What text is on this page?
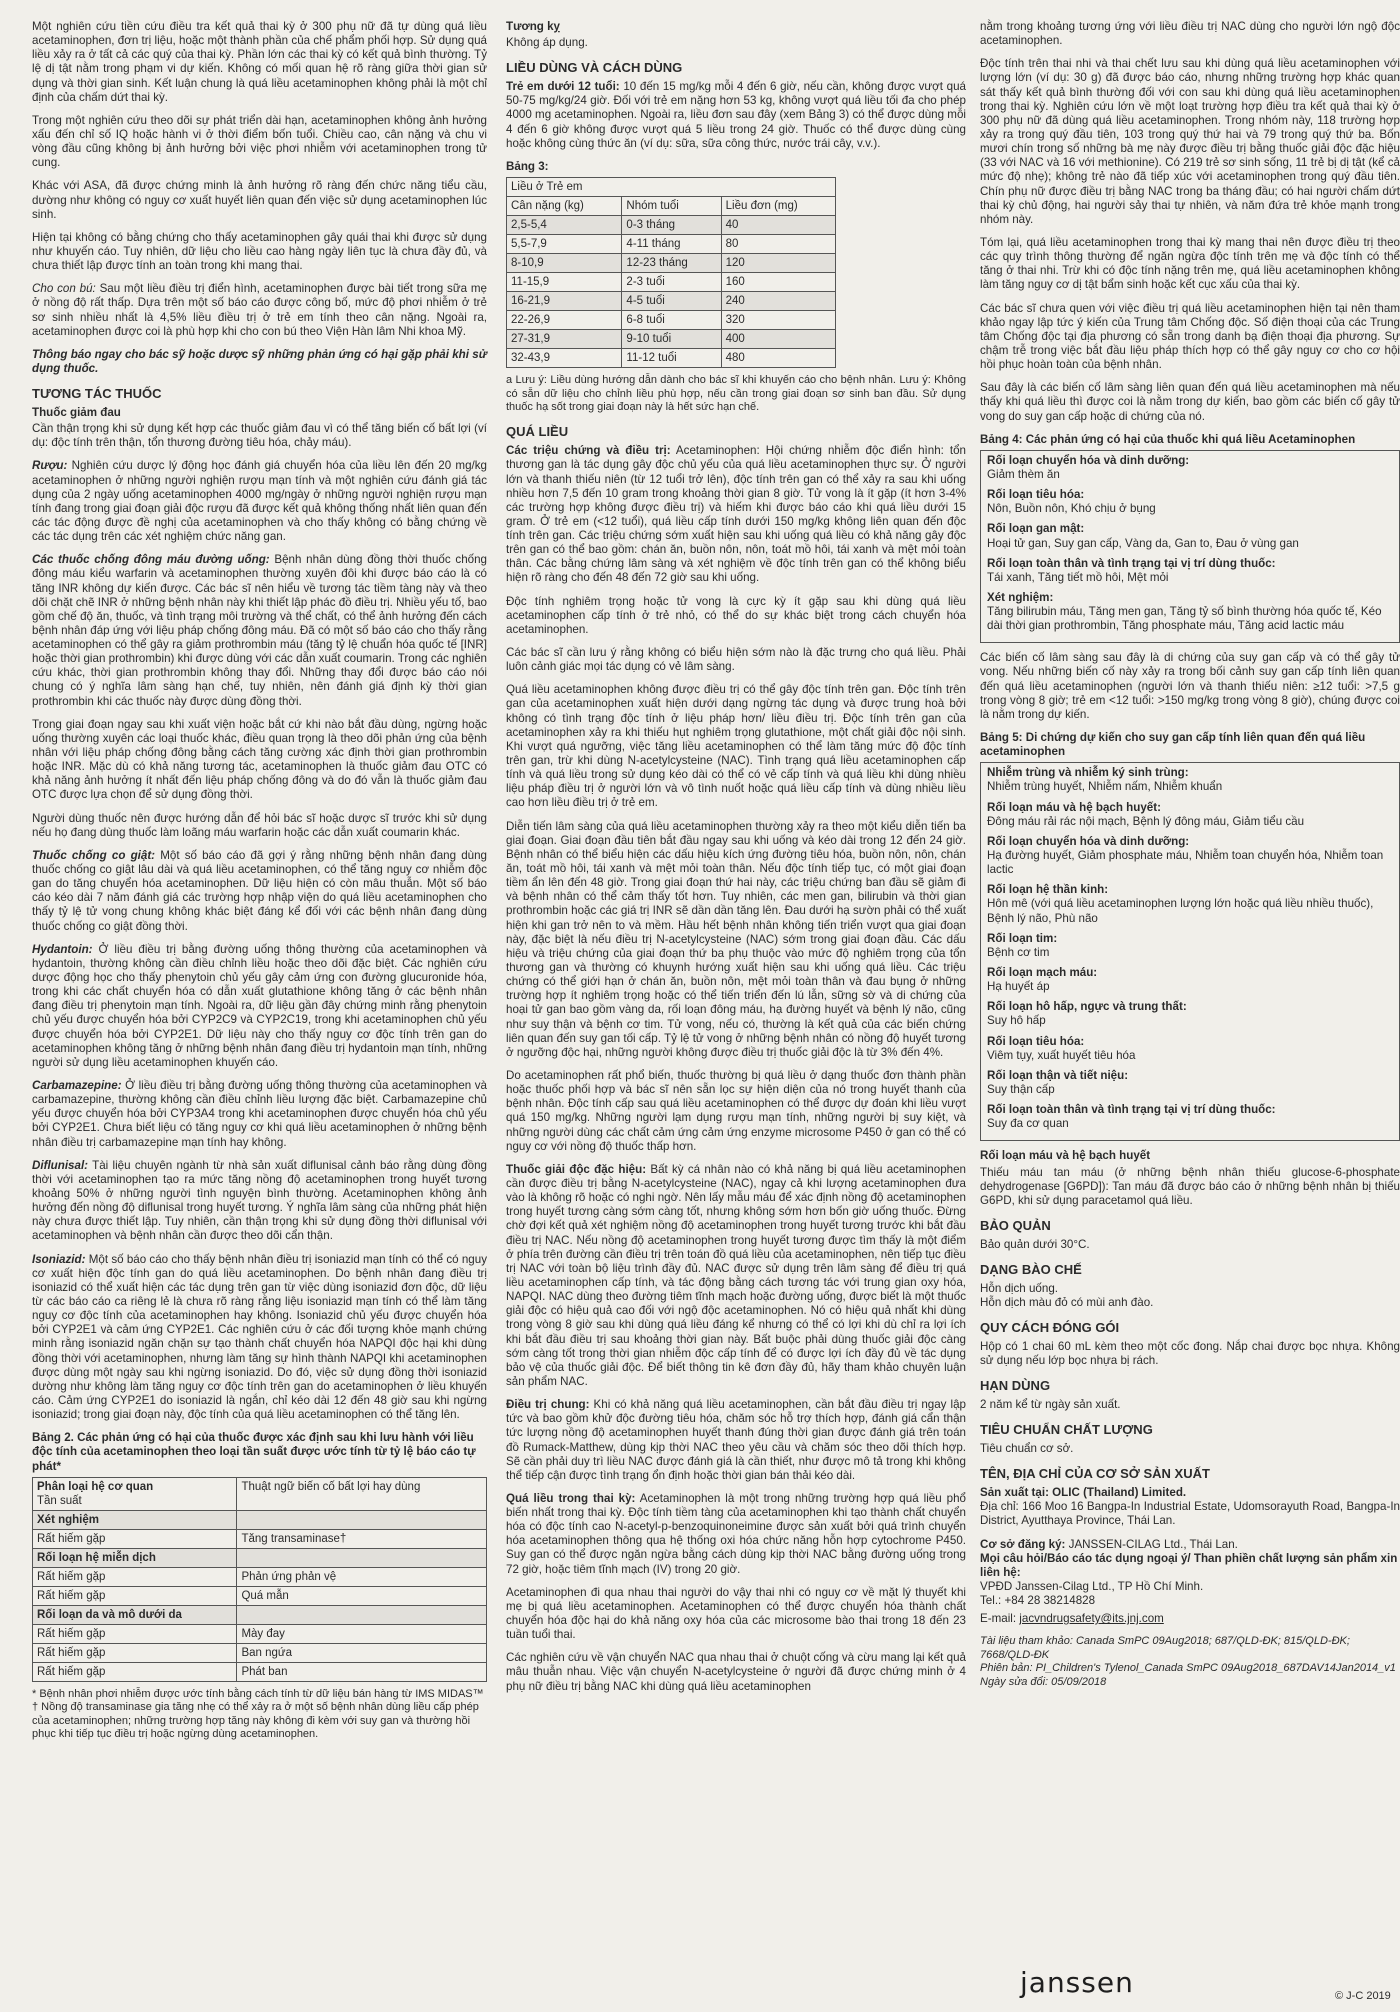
Một nghiên cứu tiền cứu điều tra kết quả thai kỳ ở 300 phụ nữ đã tự dùng quá liều acetaminophen, đơn trị liệu, hoặc một thành phần của chế phẩm phối hợp. Sử dụng quá liều xảy ra ở tất cả các quý của thai kỳ. Phần lớn các thai kỳ có kết quả bình thường. Tỷ lệ dị tật nằm trong phạm vi dự kiến. Không có mối quan hệ rõ ràng giữa thời gian sử dụng và thời gian sinh. Kết luận chung là quá liều acetaminophen không phải là một chỉ định của chấm dứt thai kỳ.

Trong một nghiên cứu theo dõi sự phát triển dài hạn, acetaminophen không ảnh hưởng xấu đến chỉ số IQ hoặc hành vi ở thời điểm bốn tuổi. Chiều cao, cân nặng và chu vi vòng đầu cũng không bị ảnh hưởng bởi việc phơi nhiễm với acetaminophen trong tử cung.

Khác với ASA, đã được chứng minh là ảnh hưởng rõ ràng đến chức năng tiểu cầu, dường như không có nguy cơ xuất huyết liên quan đến việc sử dụng acetaminophen lúc sinh.

Hiện tại không có bằng chứng cho thấy acetaminophen gây quái thai khi được sử dụng như khuyến cáo. Tuy nhiên, dữ liệu cho liều cao hàng ngày liên tục là chưa đầy đủ, và chưa thiết lập được tính an toàn trong khi mang thai.

Cho con bú: Sau một liều điều trị điển hình, acetaminophen được bài tiết trong sữa mẹ ở nồng độ rất thấp. Dựa trên một số báo cáo được công bố, mức độ phơi nhiễm ở trẻ sơ sinh nhiều nhất là 4,5% liều điều trị ở trẻ em tính theo cân nặng. Ngoài ra, acetaminophen được coi là phù hợp khi cho con bú theo Viện Hàn lâm Nhi khoa Mỹ.

Thông báo ngay cho bác sỹ hoặc dược sỹ những phản ứng có hại gặp phải khi sử dụng thuốc.

TƯƠNG TÁC THUỐC
Thuốc giảm đau

Cần thận trọng khi sử dụng kết hợp các thuốc giảm đau vì có thể tăng biến cố bất lợi (ví dụ: độc tính trên thận, tổn thương đường tiêu hóa, chảy máu).

Rượu: Nghiên cứu dược lý động học đánh giá chuyển hóa của liều lên đến 20 mg/kg acetaminophen ở những người nghiện rượu mạn tính và một nghiên cứu đánh giá tác dụng của 2 ngày uống acetaminophen 4000 mg/ngày ở những người nghiện rượu mạn tính đang trong giai đoạn giải độc rượu đã được kết quả không thống nhất liên quan đến các tác động được đề nghị của acetaminophen và cho thấy không có bằng chứng về các tác dụng trên các xét nghiệm chức năng gan.

Các thuốc chống đông máu đường uống: Bệnh nhân dùng đồng thời thuốc chống đông máu kiểu warfarin và acetaminophen thường xuyên đôi khi được báo cáo là có tăng INR không dự kiến được. Các bác sĩ nên hiểu về tương tác tiềm tàng này và theo dõi chặt chẽ INR ở những bệnh nhân này khi thiết lập phác đồ điều trị. Nhiều yếu tố, bao gồm chế độ ăn, thuốc, và tình trạng môi trường và thể chất, có thể ảnh hưởng đến cách bệnh nhân đáp ứng với liệu pháp chống đông máu. Đã có một số báo cáo cho thấy rằng acetaminophen có thể gây ra giảm prothrombin máu (tăng tỷ lệ chuẩn hóa quốc tế [INR] hoặc thời gian prothrombin) khi được dùng với các dẫn xuất coumarin. Trong các nghiên cứu khác, thời gian prothrombin không thay đổi. Những thay đổi được báo cáo nói chung có ý nghĩa lâm sàng hạn chế, tuy nhiên, nên đánh giá định kỳ thời gian prothrombin khi các thuốc này được dùng đồng thời.

Trong giai đoạn ngay sau khi xuất viện hoặc bắt cứ khi nào bắt đầu dùng, ngừng hoặc uống thường xuyên các loại thuốc khác, điều quan trọng là theo dõi phản ứng của bệnh nhân với liệu pháp chống đông bằng cách tăng cường xác định thời gian prothrombin hoặc INR. Mặc dù có khả năng tương tác, acetaminophen là thuốc giảm đau OTC có khả năng ảnh hưởng ít nhất đến liệu pháp chống đông và do đó vẫn là thuốc giảm đau OTC được lựa chọn để sử dụng đồng thời.

Người dùng thuốc nên được hướng dẫn để hỏi bác sĩ hoặc dược sĩ trước khi sử dụng nếu họ đang dùng thuốc làm loãng máu warfarin hoặc các dẫn xuất coumarin khác.

Thuốc chống co giật: Một số báo cáo đã gợi ý rằng những bệnh nhân đang dùng thuốc chống co giật lâu dài và quá liều acetaminophen, có thể tăng nguy cơ nhiễm độc gan do tăng chuyển hóa acetaminophen. Dữ liệu hiện có còn mâu thuẫn. Một số báo cáo kéo dài 7 năm đánh giá các trường hợp nhập viện do quá liều acetaminophen cho thấy tỷ lệ tử vong chung không khác biệt đáng kể đối với các bệnh nhân đang dùng thuốc chống co giật đồng thời.

Hydantoin: Ở liều điều trị bằng đường uống thông thường của acetaminophen và hydantoin, thường không cần điều chỉnh liều hoặc theo dõi đặc biệt. Các nghiên cứu dược động học cho thấy phenytoin chủ yếu gây cảm ứng con đường glucuronide hóa, trong khi các chất chuyển hóa có dẫn xuất glutathione không tăng ở các bệnh nhân đang điều trị phenytoin mạn tính. Ngoài ra, dữ liệu gần đây chứng minh rằng phenytoin chủ yếu được chuyển hóa bởi CYP2C9 và CYP2C19, trong khi acetaminophen chủ yếu được chuyển hóa bởi CYP2E1. Dữ liệu này cho thấy nguy cơ độc tính trên gan do acetaminophen không tăng ở những bệnh nhân đang điều trị hydantoin mạn tính, những người sử dụng liều acetaminophen khuyến cáo.

Carbamazepine: Ở liều điều trị bằng đường uống thông thường của acetaminophen và carbamazepine, thường không cần điều chỉnh liều lượng đặc biệt. Carbamazepine chủ yếu được chuyển hóa bởi CYP3A4 trong khi acetaminophen được chuyển hóa chủ yếu bởi CYP2E1. Chưa biết liệu có tăng nguy cơ khi quá liều acetaminophen ở những bệnh nhân điều trị carbamazepine mạn tính hay không.

Diflunisal: Tài liệu chuyên ngành từ nhà sản xuất diflunisal cảnh báo rằng dùng đồng thời với acetaminophen tạo ra mức tăng nồng độ acetaminophen trong huyết tương khoảng 50% ở những người tình nguyện bình thường. Acetaminophen không ảnh hưởng đến nồng độ diflunisal trong huyết tương. Ý nghĩa lâm sàng của những phát hiện này chưa được thiết lập. Tuy nhiên, cần thận trọng khi sử dụng đồng thời diflunisal với acetaminophen và bệnh nhân cần được theo dõi cẩn thận.

Isoniazid: Một số báo cáo cho thấy bệnh nhân điều trị isoniazid mạn tính có thể có nguy cơ xuất hiện độc tính gan do quá liều acetaminophen. Do bệnh nhân đang điều trị isoniazid có thể xuất hiện các tác dụng trên gan từ việc dùng isoniazid đơn độc, dữ liệu từ các báo cáo ca riêng lẻ là chưa rõ ràng rằng liệu isoniazid mạn tính có thể làm tăng nguy cơ độc tính của acetaminophen hay không. Isoniazid chủ yếu được chuyển hóa bởi CYP2E1 và cảm ứng CYP2E1. Các nghiên cứu ở các đối tượng khỏe mạnh chứng minh rằng isoniazid ngăn chặn sự tạo thành chất chuyển hóa NAPQI độc hại khi dùng đồng thời với acetaminophen, nhưng làm tăng sự hình thành NAPQI khi acetaminophen được dùng một ngày sau khi ngừng isoniazid. Do đó, việc sử dụng đồng thời isoniazid dường như không làm tăng nguy cơ độc tính trên gan do acetaminophen ở liều khuyến cáo. Cảm ứng CYP2E1 do isoniazid là ngắn, chỉ kéo dài 12 đến 48 giờ sau khi ngừng isoniazid; trong giai đoạn này, độc tính của quá liều acetaminophen có thể tăng lên.

Bảng 2. Các phản ứng có hại của thuốc được xác định sau khi lưu hành với liều độc tính của acetaminophen theo loại tần suất được ước tính từ tỷ lệ báo cáo tự phát*
Phân loại hệ cơ quan
Tần suất	Thuật ngữ biến cố bất lợi hay dùng
Xét nghiệm	
Rất hiếm gặp	Tăng transaminase†
Rối loạn hệ miễn dịch	
Rất hiếm gặp	Phản ứng phản vệ
Rất hiếm gặp	Quá mẫn
Rối loạn da và mô dưới da	
Rất hiếm gặp	Mày đay
Rất hiếm gặp	Ban ngứa
Rất hiếm gặp	Phát ban
* Bệnh nhân phơi nhiễm được ước tính bằng cách tính từ dữ liệu bán hàng từ IMS MIDAS™
† Nồng độ transaminase gia tăng nhẹ có thể xảy ra ở một số bệnh nhân dùng liều cấp phép của acetaminophen; những trường hợp tăng này không đi kèm với suy gan và thường hồi phục khi tiếp tục điều trị hoặc ngừng dùng acetaminophen.
Tương kỵ

Không áp dụng.

LIỀU DÙNG VÀ CÁCH DÙNG

Trẻ em dưới 12 tuổi: 10 đến 15 mg/kg mỗi 4 đến 6 giờ, nếu cần, không được vượt quá 50-75 mg/kg/24 giờ. Đối với trẻ em nặng hơn 53 kg, không vượt quá liều tối đa cho phép 4000 mg acetaminophen. Ngoài ra, liều đơn sau đây (xem Bảng 3) có thể được dùng mỗi 4 đến 6 giờ không được vượt quá 5 liều trong 24 giờ. Thuốc có thể được dùng cùng hoặc không cùng thức ăn (ví dụ: sữa, sữa công thức, nước trái cây, v.v.).

Bảng 3:
Liều ở Trẻ em		
Cân nặng (kg)	Nhóm tuổi	Liều đơn (mg)
2,5-5,4	0-3 tháng	40
5,5-7,9	4-11 tháng	80
8-10,9	12-23 tháng	120
11-15,9	2-3 tuổi	160
16-21,9	4-5 tuổi	240
22-26,9	6-8 tuổi	320
27-31,9	9-10 tuổi	400
32-43,9	11-12 tuổi	480

a Lưu ý: Liều dùng hướng dẫn dành cho bác sĩ khi khuyến cáo cho bệnh nhân. Lưu ý: Không có sẵn dữ liệu cho chỉnh liều phù hợp, nếu cần trong giai đoạn sơ sinh ban đầu. Sử dụng thuốc hạ sốt trong giai đoạn này là hết sức hạn chế.

QUÁ LIỀU

Các triệu chứng và điều trị: Acetaminophen: Hội chứng nhiễm độc điển hình: tổn thương gan là tác dụng gây độc chủ yếu của quá liều acetaminophen thực sự. Ở người lớn và thanh thiếu niên (từ 12 tuổi trở lên), độc tính trên gan có thể xảy ra sau khi uống nhiều hơn 7,5 đến 10 gram trong khoảng thời gian 8 giờ. Tử vong là ít gặp (ít hơn 3-4% các trường hợp không được điều trị) và hiếm khi được báo cáo khi quá liều dưới 15 gram. Ở trẻ em (<12 tuổi), quá liều cấp tính dưới 150 mg/kg không liên quan đến độc tính trên gan. Các triệu chứng sớm xuất hiện sau khi uống quá liều có khả năng gây độc trên gan có thể bao gồm: chán ăn, buồn nôn, nôn, toát mồ hôi, tái xanh và mệt mỏi toàn thân. Các bằng chứng lâm sàng và xét nghiệm về độc tính trên gan có thể không biểu hiện rõ ràng cho đến 48 đến 72 giờ sau khi uống.

Độc tính nghiêm trọng hoặc tử vong là cực kỳ ít gặp sau khi dùng quá liều acetaminophen cấp tính ở trẻ nhỏ, có thể do sự khác biệt trong cách chuyển hóa acetaminophen.

Các bác sĩ cần lưu ý rằng không có biểu hiện sớm nào là đặc trưng cho quá liều. Phải luôn cảnh giác mọi tác dụng có vẻ lâm sàng.

Quá liều acetaminophen không được điều trị có thể gây độc tính trên gan. Độc tính trên gan của acetaminophen xuất hiện dưới dạng ngừng tác dụng và được trung hoà bởi không có tình trạng độc tính ở liệu pháp hơn/ liều điều trị. Độc tính trên gan của acetaminophen xảy ra khi thiếu hụt nghiêm trọng glutathione, một chất giải độc nội sinh. Khi vượt quá ngưỡng, việc tăng liều acetaminophen có thể làm tăng mức độ độc tính trên gan, trừ khi dùng N-acetylcysteine (NAC). Tình trạng quá liều acetaminophen cấp tính và quá liều trong sử dụng kéo dài có thể có vẻ cấp tính và quá liều khi dùng nhiều liệu pháp điều trị ở người lớn và vô tình nuốt hoặc quá liều cấp tính và dùng nhiều liều cao hơn liều điều trị ở trẻ em.

Diễn tiến lâm sàng của quá liều acetaminophen thường xảy ra theo một kiểu diễn tiến ba giai đoạn. Giai đoạn đầu tiên bắt đầu ngay sau khi uống và kéo dài trong 12 đến 24 giờ. Bệnh nhân có thể biểu hiện các dấu hiệu kích ứng đường tiêu hóa, buồn nôn, nôn, chán ăn, toát mồ hôi, tái xanh và mệt mỏi toàn thân. Nếu độc tính tiếp tục, có một giai đoạn tiềm ẩn lên đến 48 giờ. Trong giai đoạn thứ hai này, các triệu chứng ban đầu sẽ giảm đi và bệnh nhân có thể cảm thấy tốt hơn. Tuy nhiên, các men gan, bilirubin và thời gian prothrombin hoặc các giá trị INR sẽ dần dần tăng lên. Đau dưới hạ sườn phải có thể xuất hiện khi gan trở nên to và mềm. Hầu hết bệnh nhân không tiến triển vượt qua giai đoạn này, đặc biệt là nếu điều trị N-acetylcysteine (NAC) sớm trong giai đoạn đầu. Các dấu hiệu và triệu chứng của giai đoạn thứ ba phụ thuộc vào mức độ nghiêm trọng của tổn thương gan và thường có khuynh hướng xuất hiện sau khi uống quá liều. Các triệu chứng có thể giới hạn ở chán ăn, buồn nôn, mệt mỏi toàn thân và đau bụng ở những trường hợp ít nghiêm trọng hoặc có thể tiến triển đến lú lẫn, sững sờ và di chứng của hoại tử gan bao gồm vàng da, rối loạn đông máu, hạ đường huyết và bệnh lý não, cũng như suy thận và bệnh cơ tim. Tử vong, nếu có, thường là kết quả của các biến chứng liên quan đến suy gan tối cấp. Tỷ lệ tử vong ở những bệnh nhân có nồng độ huyết tương ở ngưỡng độc hại, những người không được điều trị thuốc giải độc là từ 3% đến 4%.

Do acetaminophen rất phổ biến, thuốc thường bị quá liều ở dạng thuốc đơn thành phần hoặc thuốc phối hợp và bác sĩ nên sẵn lọc sự hiện diện của nó trong huyết thanh của bệnh nhân. Độc tính cấp sau quá liều acetaminophen có thể được dự đoán khi liều vượt quá 150 mg/kg. Những người lạm dụng rượu mạn tính, những người bị suy kiệt, và những người dùng các chất cảm ứng cảm ứng enzyme microsome P450 ở gan có thể có nguy cơ với nồng độ thuốc thấp hơn.

Thuốc giải độc đặc hiệu: Bất kỳ cá nhân nào có khả năng bị quá liều acetaminophen cần được điều trị bằng N-acetylcysteine (NAC), ngay cả khi lượng acetaminophen đưa vào là không rõ hoặc có nghi ngờ. Nên lấy mẫu máu để xác định nồng độ acetaminophen trong huyết tương càng sớm càng tốt, nhưng không sớm hơn bốn giờ uống thuốc. Đừng chờ đợi kết quả xét nghiệm nồng độ acetaminophen trong huyết tương trước khi bắt đầu điều trị NAC. Nếu nồng độ acetaminophen trong huyết tương được tìm thấy là một điểm ở phía trên đường cần điều trị trên toán đồ quá liều của acetaminophen, nên tiếp tục điều trị NAC với toàn bộ liệu trình đầy đủ. NAC được sử dụng trên lâm sàng để điều trị quá liều acetaminophen cấp tính, và tác động bằng cách tương tác với trung gian oxy hóa, NAPQI. NAC dùng theo đường tiêm tĩnh mạch hoặc đường uống, được biết là một thuốc giải độc có hiệu quả cao đối với ngộ độc acetaminophen. Nó có hiệu quả nhất khi dùng trong vòng 8 giờ sau khi dùng quá liều đáng kể nhưng có thể có lợi khi dù chỉ ra lợi ích khi bắt đầu điều trị sau khoảng thời gian này. Bất buộc phải dùng thuốc giải độc càng sớm càng tốt trong thời gian nhiễm độc cấp tính để có được lợi ích đầy đủ về tác dụng bảo vệ của thuốc giải độc. Để biết thông tin kê đơn đầy đủ, hãy tham khảo chuyên luận sản phẩm NAC.

Điều trị chung: Khi có khả năng quá liều acetaminophen, cần bắt đầu điều trị ngay lập tức và bao gồm khử độc đường tiêu hóa, chăm sóc hỗ trợ thích hợp, đánh giá cẩn thận tức lượng nồng độ acetaminophen huyết thanh đúng thời gian được đánh giá trên toán đồ Rumack-Matthew, dùng kịp thời NAC theo yêu cầu và chăm sóc theo dõi thích hợp. Sẽ cần phải duy trì liều NAC được đánh giá là cần thiết, như được mô tả trong khi không thể tiếp cận được tình trạng ổn định hoặc thời gian bán thải kéo dài.

Quá liều trong thai kỳ: Acetaminophen là một trong những trường hợp quá liều phổ biến nhất trong thai kỳ. Độc tính tiềm tàng của acetaminophen khi tạo thành chất chuyển hóa có độc tính cao N-acetyl-p-benzoquinoneimine được sản xuất bởi quá trình chuyển hóa acetaminophen thông qua hệ thống oxi hóa chức năng hỗn hợp cytochrome P450. Suy gan có thể được ngăn ngừa bằng cách dùng kịp thời NAC bằng đường uống trong 72 giờ, hoặc tiêm tĩnh mạch (IV) trong 20 giờ.

Acetaminophen đi qua nhau thai người do vậy thai nhi có nguy cơ về mặt lý thuyết khi mẹ bị quá liều acetaminophen. Acetaminophen có thể được chuyển hóa thành chất chuyển hóa độc hại do khả năng oxy hóa của các microsome bào thai trong 18 đến 23 tuần tuổi thai.

Các nghiên cứu về vận chuyển NAC qua nhau thai ở chuột cống và cừu mang lại kết quả mâu thuẫn nhau. Việc vận chuyển N-acetylcysteine ở người đã được chứng minh ở 4 phụ nữ điều trị bằng NAC khi dùng quá liều acetaminophen

nằm trong khoảng tương ứng với liều điều trị NAC dùng cho người lớn ngộ độc acetaminophen.

Độc tính trên thai nhi và thai chết lưu sau khi dùng quá liều acetaminophen với lượng lớn (ví dụ: 30 g) đã được báo cáo, nhưng những trường hợp khác quan sát thấy kết quả bình thường đối với con sau khi dùng quá liều acetaminophen trong thai kỳ. Nghiên cứu lớn về một loạt trường hợp điều tra kết quả thai kỳ ở 300 phụ nữ đã dùng quá liều acetaminophen. Trong nhóm này, 118 trường hợp xảy ra trong quý đầu tiên, 103 trong quý thứ hai và 79 trong quý thứ ba. Bốn mươi chín trong số những bà mẹ này được điều trị bằng thuốc giải độc đặc hiệu (33 với NAC và 16 với methionine). Có 219 trẻ sơ sinh sống, 11 trẻ bị dị tật (kể cả mức độ nhẹ); không trẻ nào đã tiếp xúc với acetaminophen trong quý đầu tiên. Chín phụ nữ được điều trị bằng NAC trong ba tháng đầu; có hai người chấm dứt thai kỳ chủ động, hai người sảy thai tự nhiên, và năm đứa trẻ khỏe mạnh trong nhóm này.

Tóm lại, quá liều acetaminophen trong thai kỳ mang thai nên được điều trị theo các quy trình thông thường để ngăn ngừa độc tính trên mẹ và độc tính có thể tăng ở thai nhi. Trừ khi có độc tính nặng trên mẹ, quá liều acetaminophen không làm tăng nguy cơ dị tật bẩm sinh hoặc kết cục xấu của thai kỳ.

Các bác sĩ chưa quen với việc điều trị quá liều acetaminophen hiện tại nên tham khảo ngay lập tức ý kiến của Trung tâm Chống độc. Số điện thoại của các Trung tâm Chống độc tại địa phương có sẵn trong danh bạ điện thoại địa phương. Sự chậm trễ trong việc bắt đầu liệu pháp thích hợp có thể gây nguy cơ cho cơ hội hồi phục hoàn toàn của bệnh nhân.

Sau đây là các biến cố lâm sàng liên quan đến quá liều acetaminophen mà nếu thấy khi quá liều thì được coi là nằm trong dự kiến, bao gồm các biến cố gây tử vong do suy gan cấp hoặc di chứng của nó.

Bảng 4: Các phản ứng có hại của thuốc khi quá liều Acetaminophen
Rối loạn chuyển hóa và dinh dưỡng:
Giảm thèm ăn
Rối loạn tiêu hóa:
Nôn, Buồn nôn, Khó chịu ở bụng
Rối loạn gan mật:
Hoại tử gan, Suy gan cấp, Vàng da, Gan to, Đau ở vùng gan
Rối loạn toàn thân và tình trạng tại vị trí dùng thuốc:
Tái xanh, Tăng tiết mồ hôi, Mệt mỏi
Xét nghiệm:
Tăng bilirubin máu, Tăng men gan, Tăng tỷ số bình thường hóa quốc tế, Kéo dài thời gian prothrombin, Tăng phosphate máu, Tăng acid lactic máu

Các biến cố lâm sàng sau đây là di chứng của suy gan cấp và có thể gây tử vong. Nếu những biến cố này xảy ra trong bối cảnh suy gan cấp tính liên quan đến quá liều acetaminophen (người lớn và thanh thiếu niên: ≥12 tuổi: >7,5 g trong vòng 8 giờ; trẻ em <12 tuổi: >150 mg/kg trong vòng 8 giờ), chúng được coi là nằm trong dự kiến.

Bảng 5: Di chứng dự kiến cho suy gan cấp tính liên quan đến quá liều acetaminophen
Nhiễm trùng và nhiễm ký sinh trùng:
Nhiễm trùng huyết, Nhiễm nấm, Nhiễm khuẩn
Rối loạn máu và hệ bạch huyết:
Đông máu rải rác nội mạch, Bệnh lý đông máu, Giảm tiểu cầu
Rối loạn chuyển hóa và dinh dưỡng:
Hạ đường huyết, Giảm phosphate máu, Nhiễm toan chuyển hóa, Nhiễm toan lactic
Rối loạn hệ thần kinh:
Hôn mê (với quá liều acetaminophen lượng lớn hoặc quá liều nhiều thuốc), Bệnh lý não, Phù não
Rối loạn tim:
Bệnh cơ tim
Rối loạn mạch máu:
Hạ huyết áp
Rối loạn hô hấp, ngực và trung thất:
Suy hô hấp
Rối loạn tiêu hóa:
Viêm tụy, xuất huyết tiêu hóa
Rối loạn thận và tiết niệu:
Suy thận cấp
Rối loạn toàn thân và tình trạng tại vị trí dùng thuốc:
Suy đa cơ quan
Rối loạn máu và hệ bạch huyết

Thiếu máu tan máu (ở những bệnh nhân thiếu glucose-6-phosphate dehydrogenase [G6PD]): Tan máu đã được báo cáo ở những bệnh nhân bị thiếu G6PD, khi sử dụng paracetamol quá liều.

BẢO QUẢN

Bảo quản dưới 30°C.

DẠNG BÀO CHẾ
Hỗn dịch uống.

Hỗn dịch màu đỏ có mùi anh đào.

QUY CÁCH ĐÓNG GÓI

Hộp có 1 chai 60 mL kèm theo một cốc đong. Nắp chai được bọc nhựa. Không sử dụng nếu lớp bọc nhựa bị rách.

HẠN DÙNG

2 năm kể từ ngày sản xuất.

TIÊU CHUẨN CHẤT LƯỢNG

Tiêu chuẩn cơ sở.

TÊN, ĐỊA CHỈ CỦA CƠ SỞ SẢN XUẤT
Sản xuất tại: OLIC (Thailand) Limited.

Địa chỉ: 166 Moo 16 Bangpa-In Industrial Estate, Udomsorayuth Road, Bangpa-In District, Ayutthaya Province, Thái Lan.

Cơ sở đăng ký: JANSSEN-CILAG Ltd., Thái Lan.
Mọi câu hỏi/Báo cáo tác dụng ngoại ý/ Than phiền chất lượng sản phẩm xin liên hệ:
VPĐD Janssen-Cilag Ltd., TP Hồ Chí Minh.
Tel.: +84 28 38214828

E-mail: jacvndrugsafety@its.jnj.com

Tài liệu tham khảo: Canada SmPC 09Aug2018; 687/QLD-ĐK; 815/QLD-ĐK; 7668/QLD-ĐK
Phiên bản: PI_Children's Tylenol_Canada SmPC 09Aug2018_687DAV14Jan2014_v1
Ngày sửa đổi: 05/09/2018
janssen	© J-C 2019
